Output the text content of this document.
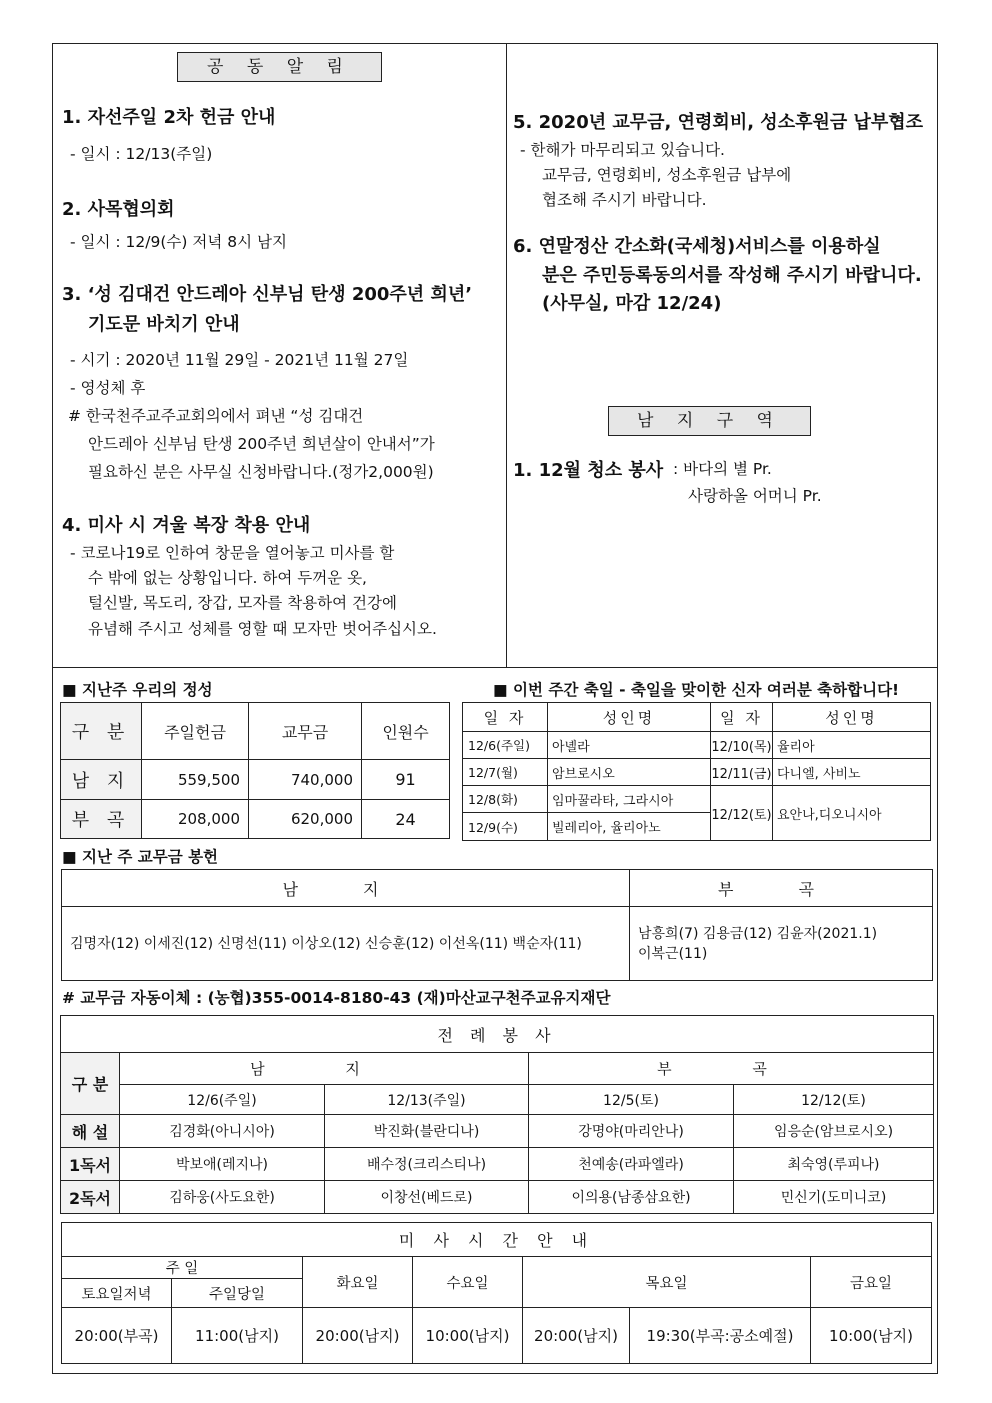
공 동 알 림
1. 자선주일 2차 헌금 안내
- 일시 : 12/13(주일)
2. 사목협의회
- 일시 : 12/9(수) 저녁 8시 남지
3. ‘성 김대건 안드레아 신부님 탄생 200주년 희년’
기도문 바치기 안내
- 시기 : 2020년 11월 29일 - 2021년 11월 27일
- 영성체 후
# 한국천주교주교회의에서 펴낸 “성 김대건
안드레아 신부님 탄생 200주년 희년살이 안내서”가
필요하신 분은 사무실 신청바랍니다.(정가2,000원)
4. 미사 시 겨울 복장 착용 안내
- 코로나19로 인하여 창문을 열어놓고 미사를 할
수 밖에 없는 상황입니다. 하여 두꺼운 옷,
털신발, 목도리, 장갑, 모자를 착용하여 건강에
유념해 주시고 성체를 영할 때 모자만 벗어주십시오.
5. 2020년 교무금, 연령회비, 성소후원금 납부협조
- 한해가 마무리되고 있습니다.
교무금, 연령회비, 성소후원금 납부에
협조해 주시기 바랍니다.
6. 연말정산 간소화(국세청)서비스를 이용하실
분은 주민등록동의서를 작성해 주시기 바랍니다.
(사무실, 마감 12/24)
남 지 구 역
1. 12월 청소 봉사 : 바다의 별 Pr.
사랑하올 어머니 Pr.
■ 지난주 우리의 정성
구 분	주일헌금	교무금	인원수
남 지	559,500	740,000	91
부 곡	208,000	620,000	24
■ 이번 주간 축일 - 축일을 맞이한 신자 여러분 축하합니다!
일 자	성인명	일 자	성인명
12/6(주일)	아녤라	12/10(목)	율리아
12/7(월)	암브로시오	12/11(금)	다니엘, 사비노
12/8(화)	임마꿀라타, 그라시아	12/12(토)	요안나,디오니시아
12/9(수)	빌레리아, 율리아노		
■ 지난 주 교무금 봉헌
남 지	부 곡
김명자(12) 이세진(12) 신명선(11) 이상오(12) 신승훈(12) 이선옥(11) 백순자(11)	남흥희(7) 김용금(12) 김윤자(2021.1)
이복근(11)
# 교무금 자동이체 : (농협)355-0014-8180-43 (재)마산교구천주교유지재단
전 례 봉 사				
구 분	남 지		부 곡	
	12/6(주일)	12/13(주일)	12/5(토)	12/12(토)
해 설	김경화(아니시아)	박진화(블란디나)	강명야(마리안나)	임응순(암브로시오)
1독서	박보애(레지나)	배수정(크리스티나)	천예송(라파엘라)	최숙영(루피나)
2독서	김하웅(사도요한)	이창선(베드로)	이의용(남종삼요한)	민신기(도미니코)
미 사 시 간 안 내						
주 일		화요일	수요일	목요일		금요일
토요일저녁	주일당일					
20:00(부곡)	11:00(남지)	20:00(남지)	10:00(남지)	20:00(남지)	19:30(부곡:공소예절)	10:00(남지)
